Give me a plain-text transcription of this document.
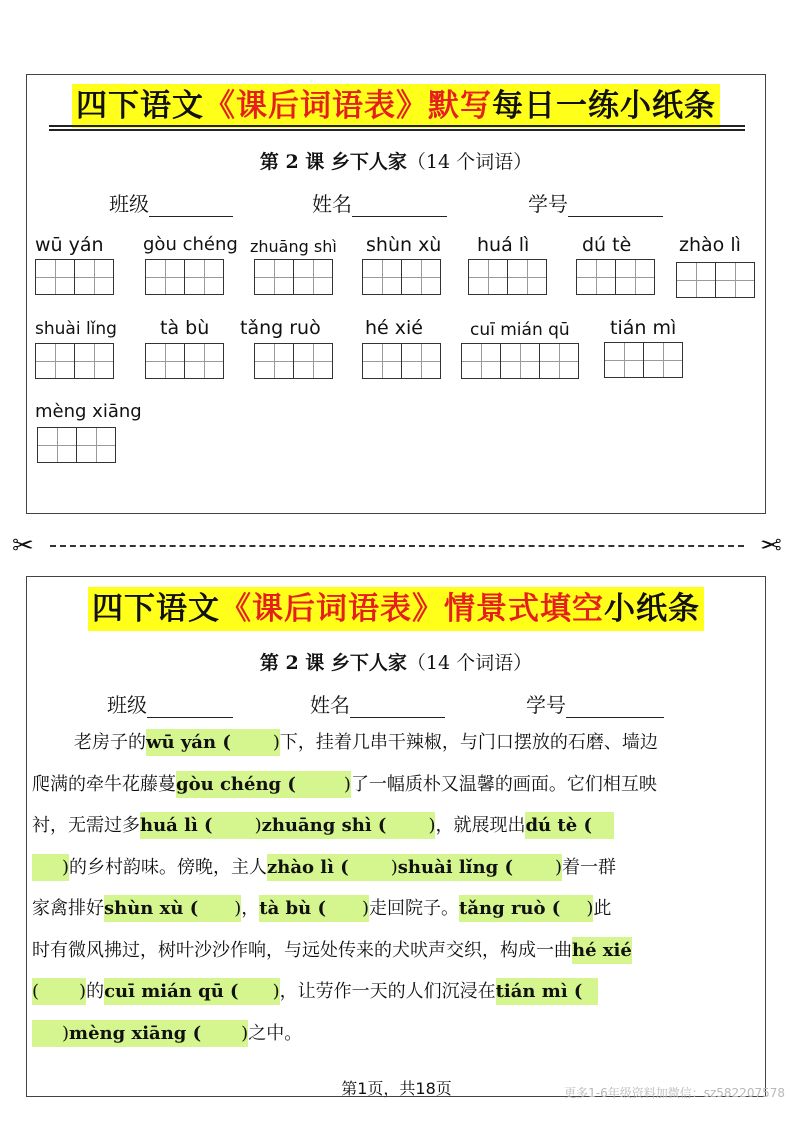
四下语文《课后词语表》默写每日一练小纸条
第 2 课 乡下人家（14 个词语）
班级	姓名	学号
wū yán gòu chéng zhuāng shì shùn xù huá lì	dú tè	zhào lì
shuài lǐng tà bù tǎng ruò hé xié	cuī mián qū tián mì
mèng xiāng
✂	✂
四下语文《课后词语表》情景式填空小纸条
第 2 课 乡下人家（14 个词语）
班级	姓名	学号
老房子的wū yán ( )下，挂着几串干辣椒，与门口摆放的石磨、墙边
爬满的牵牛花藤蔓gòu chéng (	)了一幅质朴又温馨的画面。它们相互映
衬，无需过多huá lì ( )zhuāng shì ( )，就展现出dú tè (
)的乡村韵味。傍晚，主人zhào lì ( )shuài lǐng ( )着一群
家禽排好shùn xù ( )，tà bù ( )走回院子。tǎng ruò ( )此
时有微风拂过，树叶沙沙作响，与远处传来的犬吠声交织，构成一曲hé xié
( )的cuī mián qū ( )，让劳作一天的人们沉浸在tián mì (
)mèng xiāng ( )之中。
第1页，共18页	更多1-6年级资料加微信：sz582207578
